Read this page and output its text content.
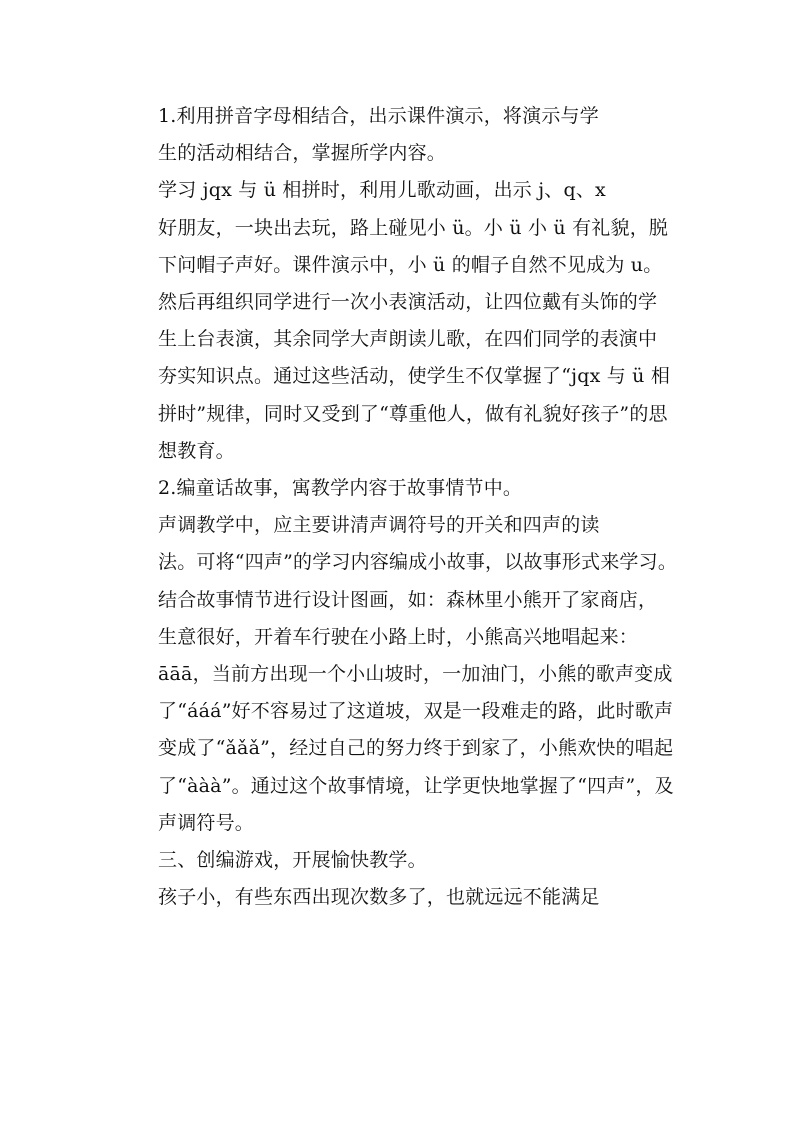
1.利用拼音字母相结合，出示课件演示，将演示与学
生的活动相结合，掌握所学内容。

学习 jqx 与 ü 相拼时，利用儿歌动画，出示 j、q、x
好朋友，一块出去玩，路上碰见小 ü。小 ü 小 ü 有礼貌，脱
下问帽子声好。课件演示中，小 ü 的帽子自然不见成为 u。
然后再组织同学进行一次小表演活动，让四位戴有头饰的学
生上台表演，其余同学大声朗读儿歌，在四们同学的表演中
夯实知识点。通过这些活动，使学生不仅掌握了“jqx 与 ü 相
拼时”规律，同时又受到了“尊重他人，做有礼貌好孩子”的思
想教育。

2.编童话故事，寓教学内容于故事情节中。

声调教学中，应主要讲清声调符号的开关和四声的读
法。可将“四声”的学习内容编成小故事，以故事形式来学习。
结合故事情节进行设计图画，如：森林里小熊开了家商店，
生意很好，开着车行驶在小路上时，小熊高兴地唱起来：
āāā，当前方出现一个小山坡时，一加油门，小熊的歌声变成
了“ááá”好不容易过了这道坡，双是一段难走的路，此时歌声
变成了“ǎǎǎ”，经过自己的努力终于到家了，小熊欢快的唱起
了“ààà”。通过这个故事情境，让学更快地掌握了“四声”，及
声调符号。

三、创编游戏，开展愉快教学。

孩子小，有些东西出现次数多了，也就远远不能满足
